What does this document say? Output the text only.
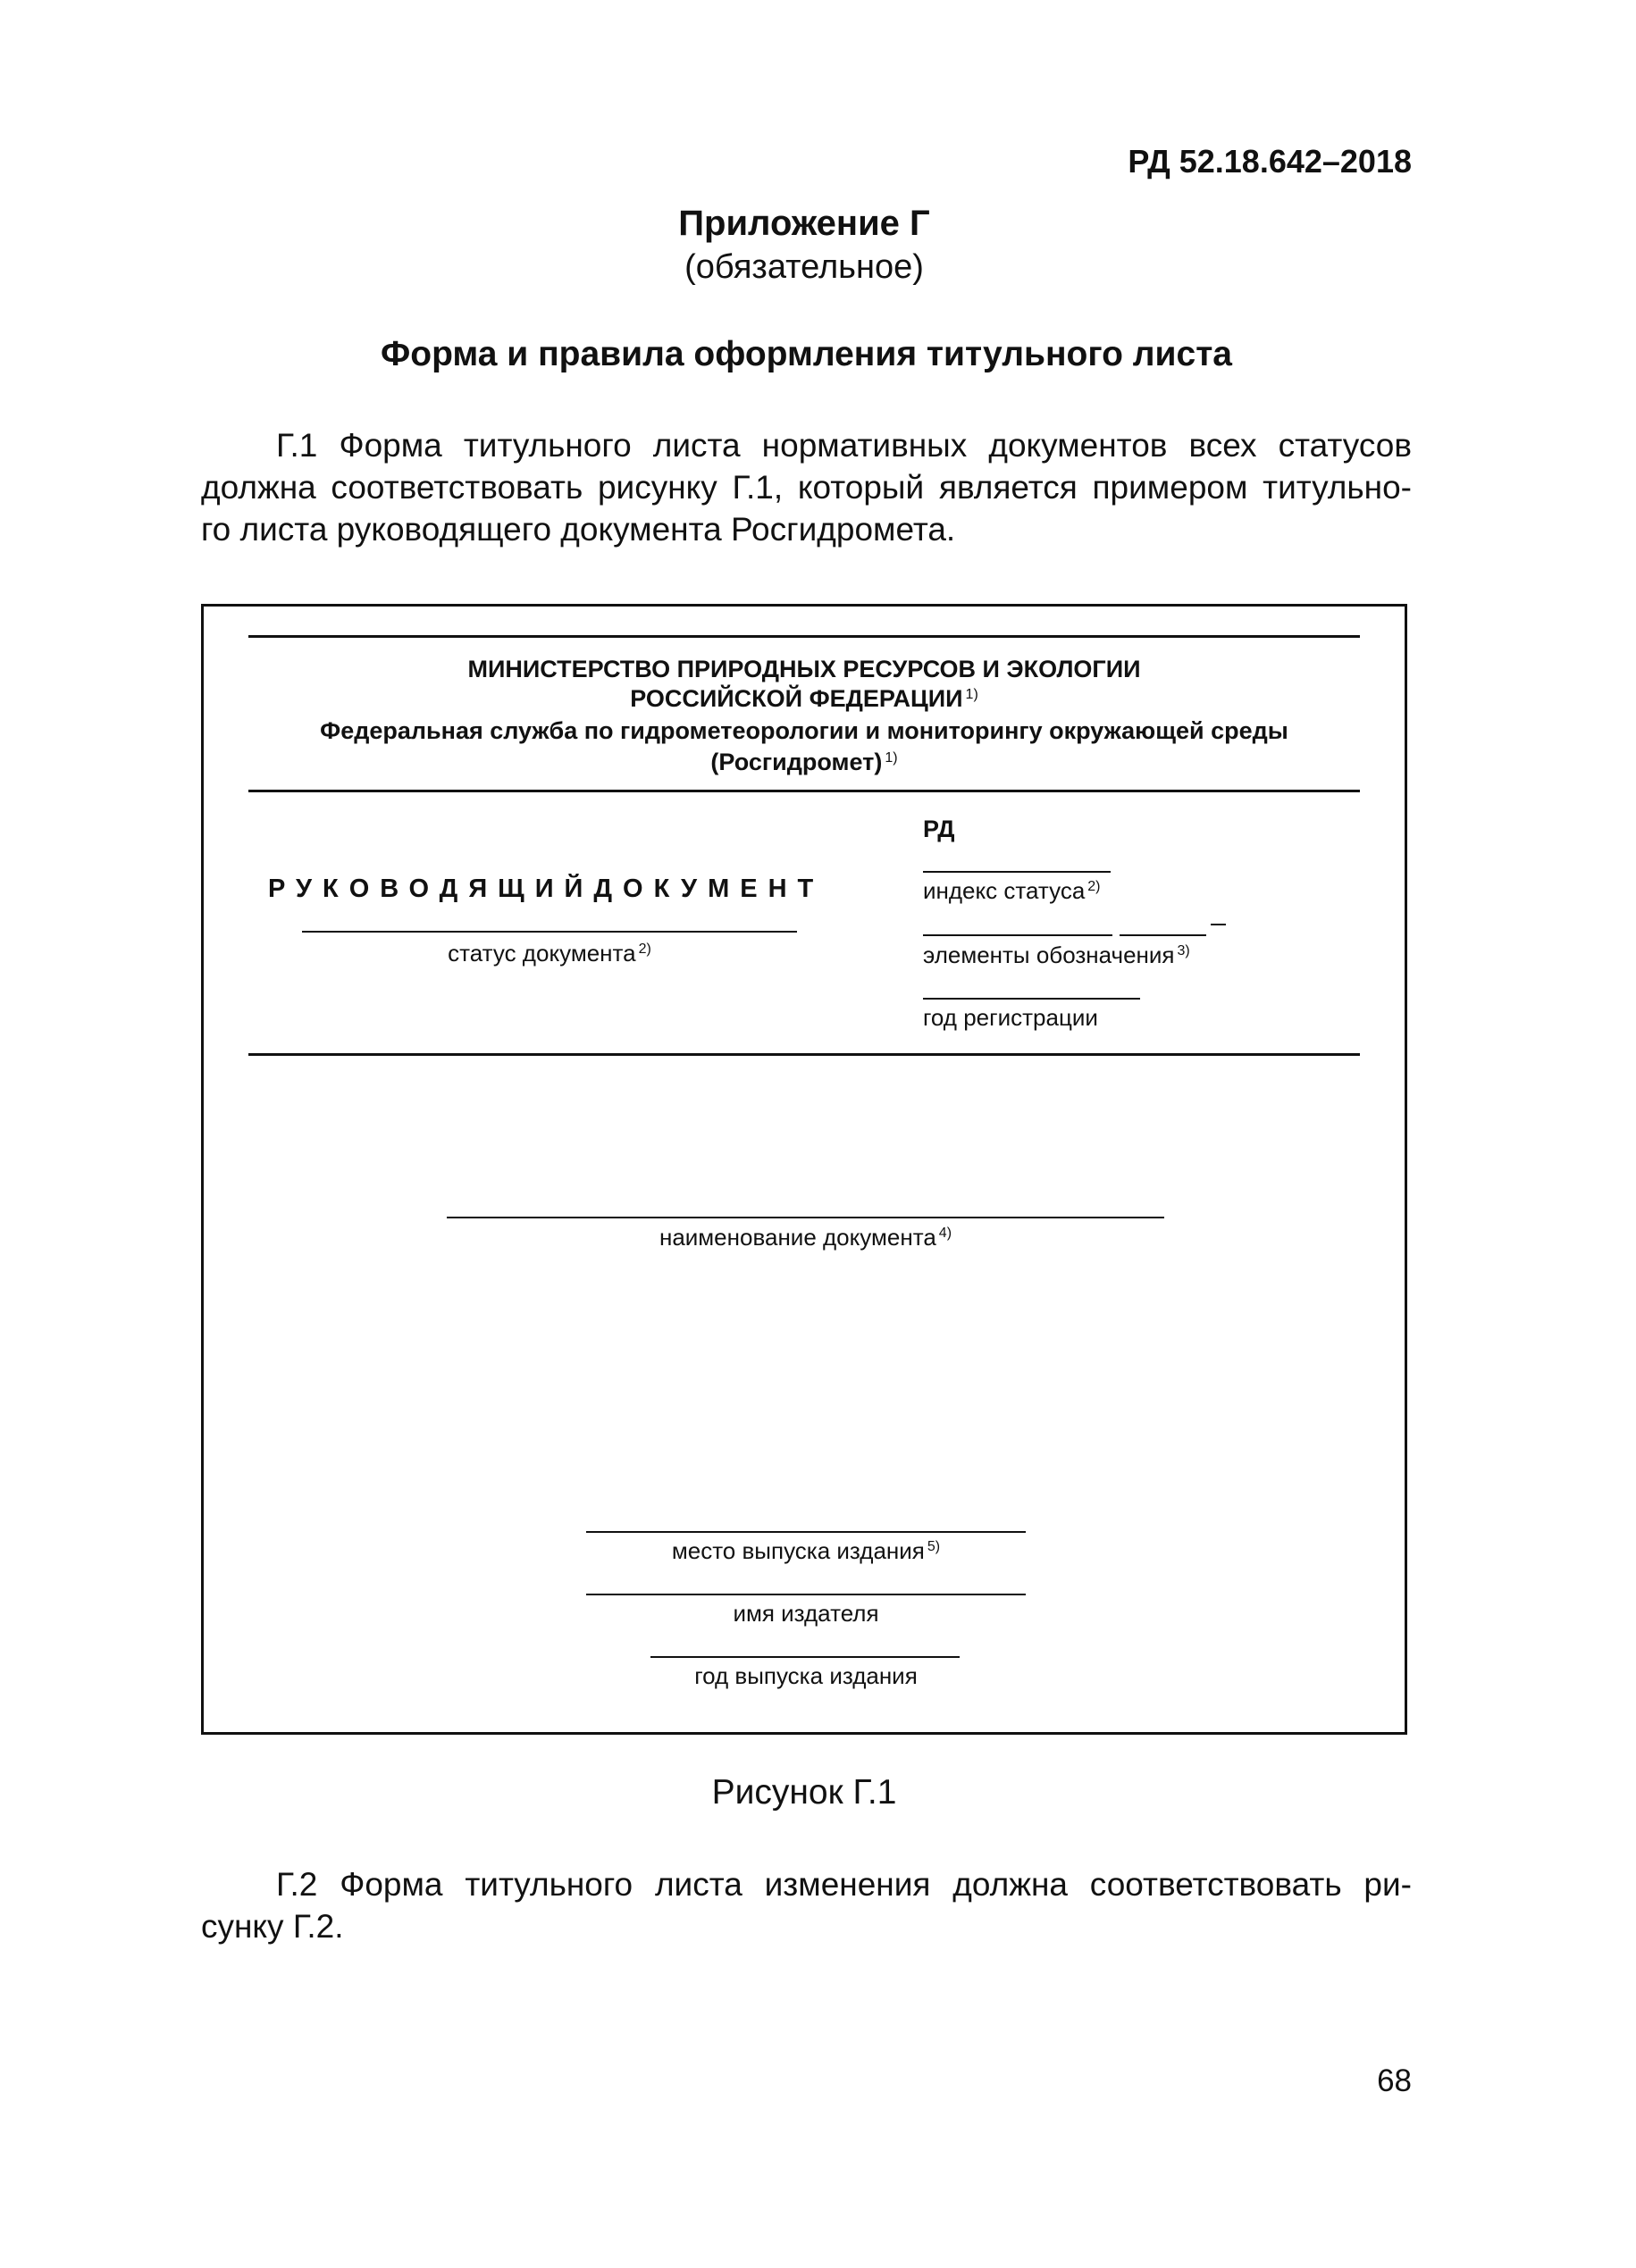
РД 52.18.642–2018
Приложение Г
(обязательное)
Форма и правила оформления титульного листа
Г.1 Форма титульного листа нормативных документов всех статусов
должна соответствовать рисунку Г.1, который является примером титульно-
го листа руководящего документа Росгидромета.
МИНИСТЕРСТВО ПРИРОДНЫХ РЕСУРСОВ И ЭКОЛОГИИ
РОССИЙСКОЙ ФЕДЕРАЦИИ $^{1)}$
Федеральная служба по гидрометеорологии и мониторингу окружающей среды
(Росгидромет) $^{1)}$
РУКОВОДЯЩИЙДОКУМЕНТ
статус документа $^{2)}$
РД
индекс статуса $^{2)}$
элементы обозначения $^{3)}$
год регистрации
наименование документа $^{4)}$
место выпуска издания $^{5)}$
имя издателя
год выпуска издания
Рисунок Г.1
Г.2 Форма титульного листа изменения должна соответствовать ри-
сунку Г.2.
68
